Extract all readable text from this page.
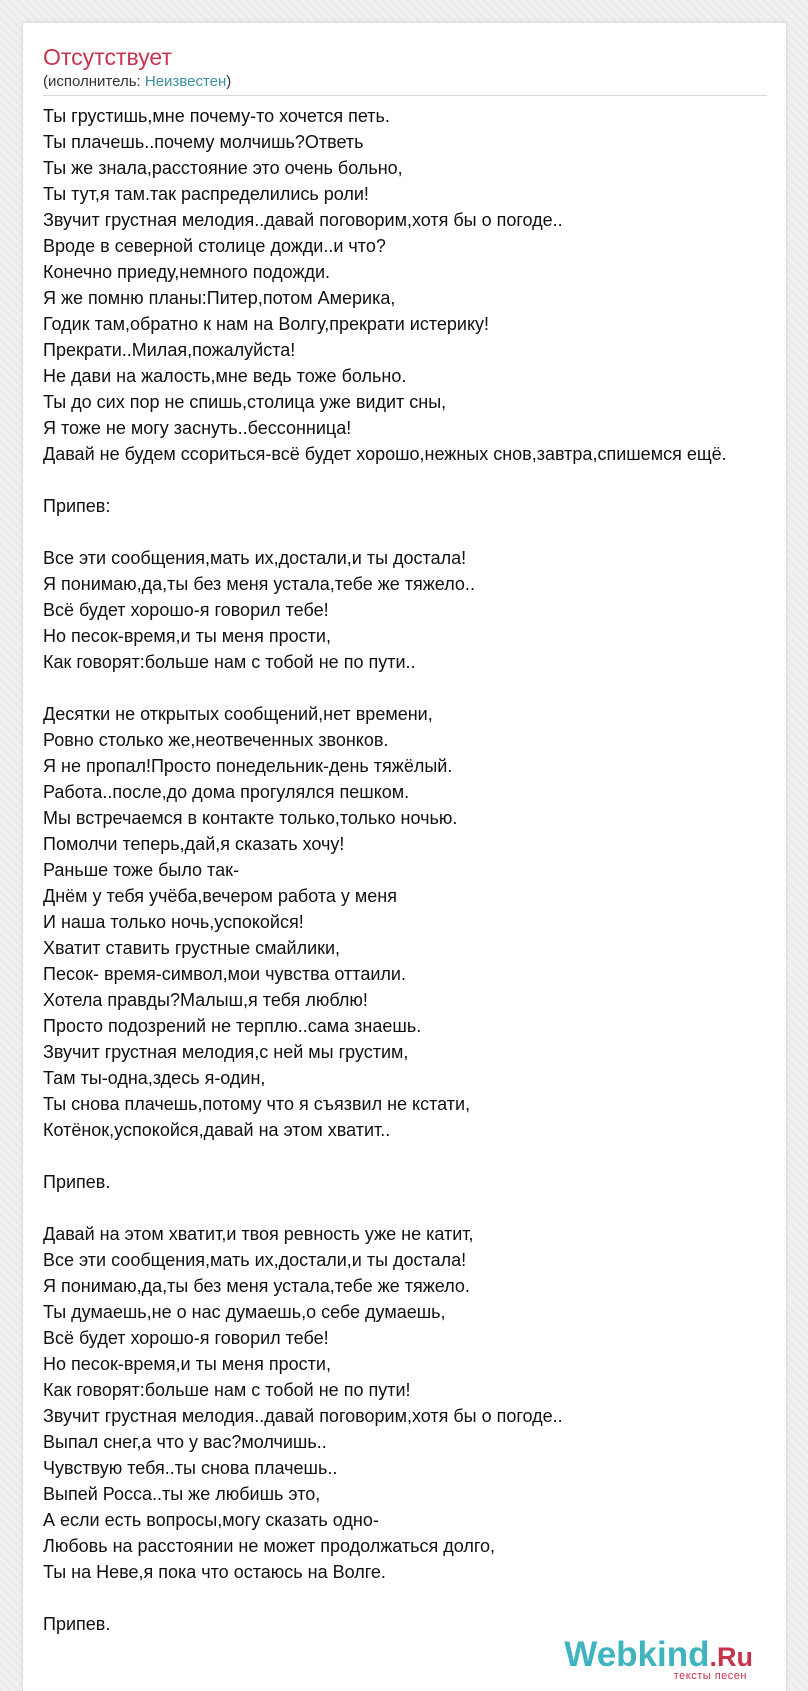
Отсутствует
(исполнитель: Неизвестен)
Ты грустишь,мне почему-то хочется петь.
Ты плачешь..почему молчишь?Ответь
Ты же знала,расстояние это очень больно,
Ты тут,я там.так распределились роли!
Звучит грустная мелодия..давай поговорим,хотя бы о погоде..
Вроде в северной столице дожди..и что?
Конечно приеду,немного подожди.
Я же помню планы:Питер,потом Америка,
Годик там,обратно к нам на Волгу,прекрати истерику!
Прекрати..Милая,пожалуйста!
Не дави на жалость,мне ведь тоже больно.
Ты до сих пор не спишь,столица уже видит сны,
Я тоже не могу заснуть..бессонница!
Давай не будем ссориться-всё будет хорошо,нежных снов,завтра,спишемся ещё.
Припев:
Все эти сообщения,мать их,достали,и ты достала!
Я понимаю,да,ты без меня устала,тебе же тяжело..
Всё будет хорошо-я говорил тебе!
Но песок-время,и ты меня прости,
Как говорят:больше нам с тобой не по пути..
Десятки не открытых сообщений,нет времени,
Ровно столько же,неотвеченных звонков.
Я не пропал!Просто понедельник-день тяжёлый.
Работа..после,до дома прогулялся пешком.
Мы встречаемся в контакте только,только ночью.
Помолчи теперь,дай,я сказать хочу!
Раньше тоже было так-
Днём у тебя учёба,вечером работа у меня
И наша только ночь,успокойся!
Хватит ставить грустные смайлики,
Песок- время-символ,мои чувства оттаили.
Хотела правды?Малыш,я тебя люблю!
Просто подозрений не терплю..сама знаешь.
Звучит грустная мелодия,с ней мы грустим,
Там ты-одна,здесь я-один,
Ты снова плачешь,потому что я съязвил не кстати,
Котёнок,успокойся,давай на этом хватит..
Припев.
Давай на этом хватит,и твоя ревность уже не катит,
Все эти сообщения,мать их,достали,и ты достала!
Я понимаю,да,ты без меня устала,тебе же тяжело.
Ты думаешь,не о нас думаешь,о себе думаешь,
Всё будет хорошо-я говорил тебе!
Но песок-время,и ты меня прости,
Как говорят:больше нам с тобой не по пути!
Звучит грустная мелодия..давай поговорим,хотя бы о погоде..
Выпал снег,а что у вас?молчишь..
Чувствую тебя..ты снова плачешь..
Выпей Росса..ты же любишь это,
А если есть вопросы,могу сказать одно-
Любовь на расстоянии не может продолжаться долго,
Ты на Неве,я пока что остаюсь на Волге.
Припев.
Webkind.Ru
тексты песен
